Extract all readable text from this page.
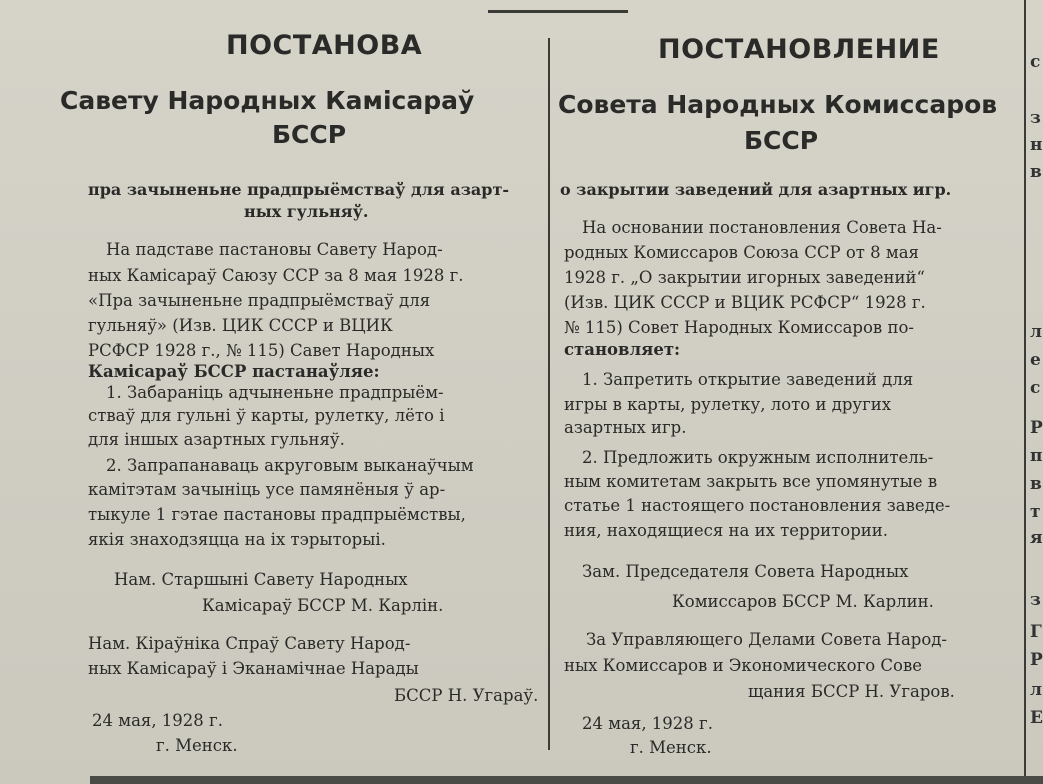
ПОСТАНОВА
Савету Народных Камісараў
БССР
пра зачыненьне прадпрыёмстваў для азарт-
ных гульняў.
На падставе пастановы Савету Народ-
ных Камісараў Саюзу ССР за 8 мая 1928 г.
«Пра зачыненьне прадпрыёмстваў для
гульняў» (Изв. ЦИК СССР и ВЦИК
РСФСР 1928 г., № 115) Савет Народных
Камісараў БССР пастанаўляе:
1. Забараніць адчыненьне прадпрыём-
стваў для гульні ў карты, рулетку, лёто і
для іншых азартных гульняў.
2. Запрапанаваць акруговым выканаўчым
камітэтам зачыніць усе памянёныя ў ар-
тыкуле 1 гэтае пастановы прадпрыёмствы,
якія знаходзяцца на іх тэрыторыі.
Нам. Старшыні Савету Народных
Камісараў БССР М. Карлін.
Нам. Кіраўніка Спраў Савету Народ-
ных Камісараў і Эканамічнае Нарады
БССР Н. Угараў.
24 мая, 1928 г.
г. Менск.
ПОСТАНОВЛЕНИЕ
Совета Народных Комиссаров
БССР
о закрытии заведений для азартных игр.
На основании постановления Совета На-
родных Комиссаров Союза ССР от 8 мая
1928 г. „О закрытии игорных заведений“
(Изв. ЦИК СССР и ВЦИК РСФСР“ 1928 г.
№ 115) Совет Народных Комиссаров по-
становляет:
1. Запретить открытие заведений для
игры в карты, рулетку, лото и других
азартных игр.
2. Предложить окружным исполнитель-
ным комитетам закрыть все упомянутые в
статье 1 настоящего постановления заведе-
ния, находящиеся на их территории.
Зам. Председателя Совета Народных
Комиссаров БССР М. Карлин.
За Управляющего Делами Совета Народ-
ных Комиссаров и Экономического Сове
щания БССР Н. Угаров.
24 мая, 1928 г.
г. Менск.
с
з
н
в
л
е
с
Р
п
в
т
я
з
Г
Р
л
Е
